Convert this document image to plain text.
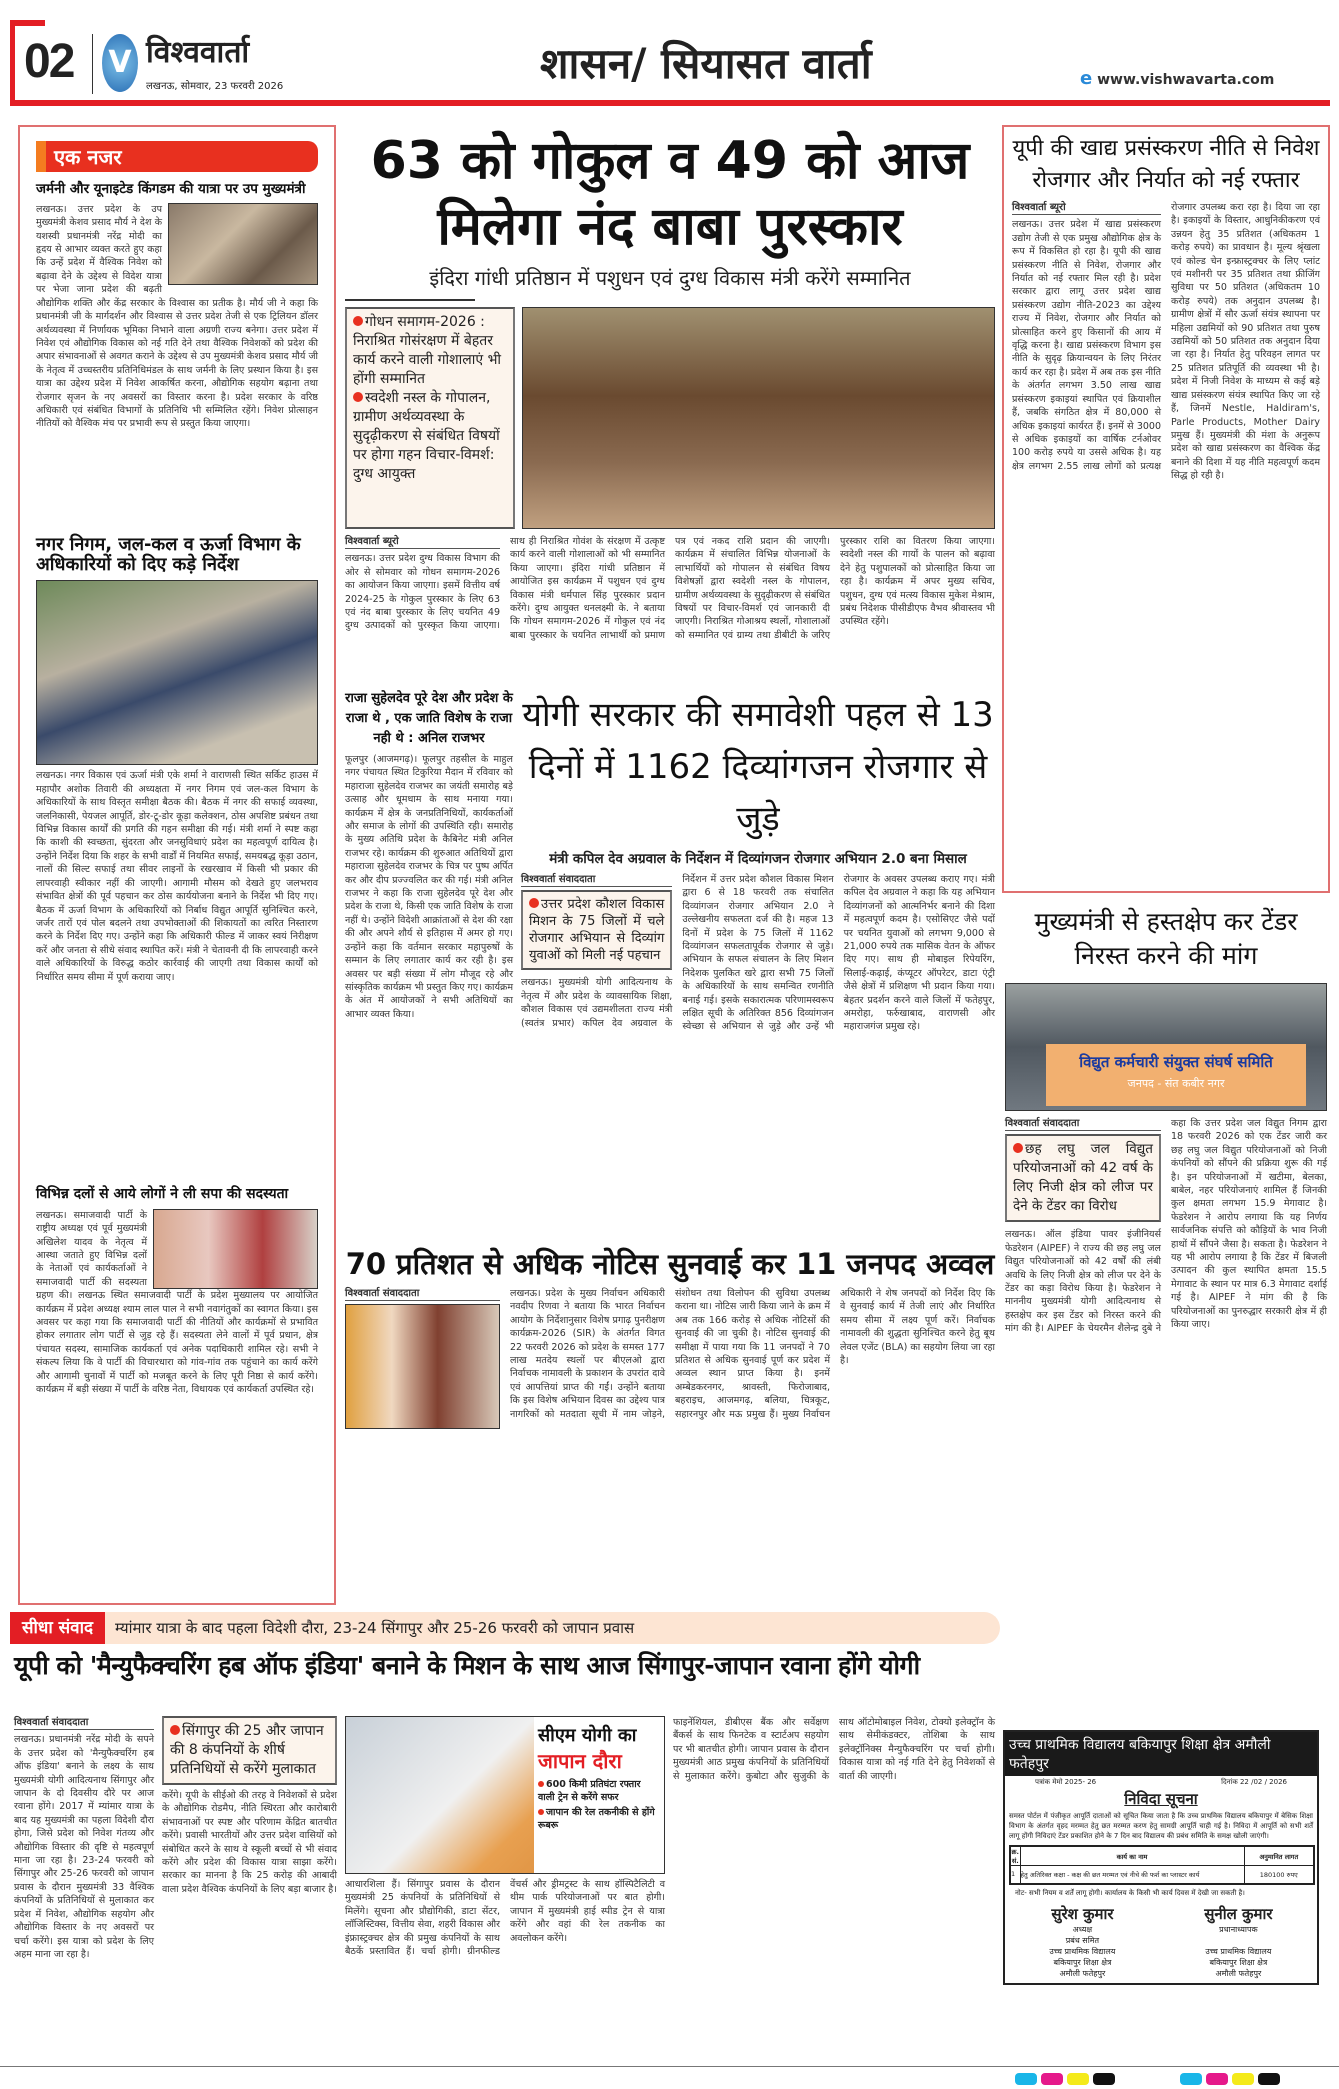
02 V विश्ववार्ता
लखनऊ, सोमवार, 23 फरवरी 2026	शासन/ सियासत वार्ता	e www.vishwavarta.com
एक नजर
जर्मनी और यूनाइटेड किंगडम की यात्रा पर उप मुख्यमंत्री
लखनऊ। उत्तर प्रदेश के उप मुख्यमंत्री केशव प्रसाद मौर्य ने देश के यशस्वी प्रधानमंत्री नरेंद्र मोदी का हृदय से आभार व्यक्त करते हुए कहा कि उन्हें प्रदेश में वैश्विक निवेश को बढ़ावा देने के उद्देश्य से विदेश यात्रा पर भेजा जाना प्रदेश की बढ़ती औद्योगिक शक्ति और केंद्र सरकार के विश्वास का प्रतीक है। मौर्य जी ने कहा कि प्रधानमंत्री जी के मार्गदर्शन और विश्वास से उत्तर प्रदेश तेजी से एक ट्रिलियन डॉलर अर्थव्यवस्था में निर्णायक भूमिका निभाने वाला अग्रणी राज्य बनेगा। उत्तर प्रदेश में निवेश एवं औद्योगिक विकास को नई गति देने तथा वैश्विक निवेशकों को प्रदेश की अपार संभावनाओं से अवगत कराने के उद्देश्य से उप मुख्यमंत्री केशव प्रसाद मौर्य जी के नेतृत्व में उच्चस्तरीय प्रतिनिधिमंडल के साथ जर्मनी के लिए प्रस्थान किया है। इस यात्रा का उद्देश्य प्रदेश में निवेश आकर्षित करना, औद्योगिक सहयोग बढ़ाना तथा रोजगार सृजन के नए अवसरों का विस्तार करना है। प्रदेश सरकार के वरिष्ठ अधिकारी एवं संबंधित विभागों के प्रतिनिधि भी सम्मिलित रहेंगे। निवेश प्रोत्साहन नीतियों को वैश्विक मंच पर प्रभावी रूप से प्रस्तुत किया जाएगा।
नगर निगम, जल-कल व ऊर्जा विभाग के अधिकारियों को दिए कड़े निर्देश
लखनऊ। नगर विकास एवं ऊर्जा मंत्री एके शर्मा ने वाराणसी स्थित सर्किट हाउस में महापौर अशोक तिवारी की अध्यक्षता में नगर निगम एवं जल-कल विभाग के अधिकारियों के साथ विस्तृत समीक्षा बैठक की। बैठक में नगर की सफाई व्यवस्था, जलनिकासी, पेयजल आपूर्ति, डोर-टू-डोर कूड़ा कलेक्शन, ठोस अपशिष्ट प्रबंधन तथा विभिन्न विकास कार्यों की प्रगति की गहन समीक्षा की गई। मंत्री शर्मा ने स्पष्ट कहा कि काशी की स्वच्छता, सुंदरता और जनसुविधाएं प्रदेश का महत्वपूर्ण दायित्व है। उन्होंने निर्देश दिया कि शहर के सभी वार्डों में नियमित सफाई, समयबद्ध कूड़ा उठान, नालों की सिल्ट सफाई तथा सीवर लाइनों के रखरखाव में किसी भी प्रकार की लापरवाही स्वीकार नहीं की जाएगी। आगामी मौसम को देखते हुए जलभराव संभावित क्षेत्रों की पूर्व पहचान कर ठोस कार्ययोजना बनाने के निर्देश भी दिए गए। बैठक में ऊर्जा विभाग के अधिकारियों को निर्बाध विद्युत आपूर्ति सुनिश्चित करने, जर्जर तारों एवं पोल बदलने तथा उपभोक्ताओं की शिकायतों का त्वरित निस्तारण करने के निर्देश दिए गए। उन्होंने कहा कि अधिकारी फील्ड में जाकर स्वयं निरीक्षण करें और जनता से सीधे संवाद स्थापित करें। मंत्री ने चेतावनी दी कि लापरवाही करने वाले अधिकारियों के विरुद्ध कठोर कार्रवाई की जाएगी तथा विकास कार्यों को निर्धारित समय सीमा में पूर्ण कराया जाए।
विभिन्न दलों से आये लोगों ने ली सपा की सदस्यता
लखनऊ। समाजवादी पार्टी के राष्ट्रीय अध्यक्ष एवं पूर्व मुख्यमंत्री अखिलेश यादव के नेतृत्व में आस्था जताते हुए विभिन्न दलों के नेताओं एवं कार्यकर्ताओं ने समाजवादी पार्टी की सदस्यता ग्रहण की। लखनऊ स्थित समाजवादी पार्टी के प्रदेश मुख्यालय पर आयोजित कार्यक्रम में प्रदेश अध्यक्ष श्याम लाल पाल ने सभी नवागंतुकों का स्वागत किया। इस अवसर पर कहा गया कि समाजवादी पार्टी की नीतियों और कार्यक्रमों से प्रभावित होकर लगातार लोग पार्टी से जुड़ रहे हैं। सदस्यता लेने वालों में पूर्व प्रधान, क्षेत्र पंचायत सदस्य, सामाजिक कार्यकर्ता एवं अनेक पदाधिकारी शामिल रहे। सभी ने संकल्प लिया कि वे पार्टी की विचारधारा को गांव-गांव तक पहुंचाने का कार्य करेंगे और आगामी चुनावों में पार्टी को मजबूत करने के लिए पूरी निष्ठा से कार्य करेंगे। कार्यक्रम में बड़ी संख्या में पार्टी के वरिष्ठ नेता, विधायक एवं कार्यकर्ता उपस्थित रहे।
63 को गोकुल व 49 को आज
मिलेगा नंद बाबा पुरस्कार
इंदिरा गांधी प्रतिष्ठान में पशुधन एवं दुग्ध विकास मंत्री करेंगे सम्मानित
गोधन समागम-2026 : निराश्रित गोसंरक्षण में बेहतर कार्य करने वाली गोशालाएं भी होंगी सम्मानित
स्वदेशी नस्ल के गोपालन, ग्रामीण अर्थव्यवस्था के सुदृढ़ीकरण से संबंधित विषयों पर होगा गहन विचार-विमर्श: दुग्ध आयुक्त
विश्ववार्ता ब्यूरो
लखनऊ। उत्तर प्रदेश दुग्ध विकास विभाग की ओर से सोमवार को गोधन समागम-2026 का आयोजन किया जाएगा। इसमें वित्तीय वर्ष 2024-25 के गोकुल पुरस्कार के लिए 63 एवं नंद बाबा पुरस्कार के लिए चयनित 49 दुग्ध उत्पादकों को पुरस्कृत किया जाएगा। साथ ही निराश्रित गोवंश के संरक्षण में उत्कृष्ट कार्य करने वाली गोशालाओं को भी सम्मानित किया जाएगा। इंदिरा गांधी प्रतिष्ठान में आयोजित इस कार्यक्रम में पशुधन एवं दुग्ध विकास मंत्री धर्मपाल सिंह पुरस्कार प्रदान करेंगे। दुग्ध आयुक्त धनलक्ष्मी के. ने बताया कि गोधन समागम-2026 में गोकुल एवं नंद बाबा पुरस्कार के चयनित लाभार्थी को प्रमाण पत्र एवं नकद राशि प्रदान की जाएगी। कार्यक्रम में संचालित विभिन्न योजनाओं के लाभार्थियों को गोपालन से संबंधित विषय विशेषज्ञों द्वारा स्वदेशी नस्ल के गोपालन, ग्रामीण अर्थव्यवस्था के सुदृढ़ीकरण से संबंधित विषयों पर विचार-विमर्श एवं जानकारी दी जाएगी। निराश्रित गोआश्रय स्थलों, गोशालाओं को सम्मानित एवं ग्राम्य तथा डीबीटी के जरिए पुरस्कार राशि का वितरण किया जाएगा। स्वदेशी नस्ल की गायों के पालन को बढ़ावा देने हेतु पशुपालकों को प्रोत्साहित किया जा रहा है। कार्यक्रम में अपर मुख्य सचिव, पशुधन, दुग्ध एवं मत्स्य विकास मुकेश मेश्राम, प्रबंध निदेशक पीसीडीएफ वैभव श्रीवास्तव भी उपस्थित रहेंगे।
राजा सुहेलदेव पूरे देश और प्रदेश के राजा थे , एक जाति विशेष के राजा नही थे : अनिल राजभर
फूलपुर (आजमगढ़)। फूलपुर तहसील के माहुल नगर पंचायत स्थित टिकुरिया मैदान में रविवार को महाराजा सुहेलदेव राजभर का जयंती समारोह बड़े उत्साह और धूमधाम के साथ मनाया गया। कार्यक्रम में क्षेत्र के जनप्रतिनिधियों, कार्यकर्ताओं और समाज के लोगों की उपस्थिति रही। समारोह के मुख्य अतिथि प्रदेश के कैबिनेट मंत्री अनिल राजभर रहे। कार्यक्रम की शुरुआत अतिथियों द्वारा महाराजा सुहेलदेव राजभर के चित्र पर पुष्प अर्पित कर और दीप प्रज्ज्वलित कर की गई। मंत्री अनिल राजभर ने कहा कि राजा सुहेलदेव पूरे देश और प्रदेश के राजा थे, किसी एक जाति विशेष के राजा नहीं थे। उन्होंने विदेशी आक्रांताओं से देश की रक्षा की और अपने शौर्य से इतिहास में अमर हो गए। उन्होंने कहा कि वर्तमान सरकार महापुरुषों के सम्मान के लिए लगातार कार्य कर रही है। इस अवसर पर बड़ी संख्या में लोग मौजूद रहे और सांस्कृतिक कार्यक्रम भी प्रस्तुत किए गए। कार्यक्रम के अंत में आयोजकों ने सभी अतिथियों का आभार व्यक्त किया।
योगी सरकार की समावेशी पहल से 13 दिनों में 1162 दिव्यांगजन रोजगार से जुड़े
मंत्री कपिल देव अग्रवाल के निर्देशन में दिव्यांगजन रोजगार अभियान 2.0 बना मिसाल
विश्ववार्ता संवाददाता
उत्तर प्रदेश कौशल विकास मिशन के 75 जिलों में चले रोजगार अभियान से दिव्यांग युवाओं को मिली नई पहचान
लखनऊ। मुख्यमंत्री योगी आदित्यनाथ के नेतृत्व में और प्रदेश के व्यावसायिक शिक्षा, कौशल विकास एवं उद्यमशीलता राज्य मंत्री (स्वतंत्र प्रभार) कपिल देव अग्रवाल के निर्देशन में उत्तर प्रदेश कौशल विकास मिशन द्वारा 6 से 18 फरवरी तक संचालित दिव्यांगजन रोजगार अभियान 2.0 ने उल्लेखनीय सफलता दर्ज की है। महज 13 दिनों में प्रदेश के 75 जिलों में 1162 दिव्यांगजन सफलतापूर्वक रोजगार से जुड़े। अभियान के सफल संचालन के लिए मिशन निदेशक पुलकित खरे द्वारा सभी 75 जिलों के अधिकारियों के साथ समन्वित रणनीति बनाई गई। इसके सकारात्मक परिणामस्वरूप लक्षित सूची के अतिरिक्त 856 दिव्यांगजन स्वेच्छा से अभियान से जुड़े और उन्हें भी रोजगार के अवसर उपलब्ध कराए गए। मंत्री कपिल देव अग्रवाल ने कहा कि यह अभियान दिव्यांगजनों को आत्मनिर्भर बनाने की दिशा में महत्वपूर्ण कदम है। एसोसिएट जैसे पदों पर चयनित युवाओं को लगभग 9,000 से 21,000 रुपये तक मासिक वेतन के ऑफर दिए गए। साथ ही मोबाइल रिपेयरिंग, सिलाई-कढ़ाई, कंप्यूटर ऑपरेटर, डाटा एंट्री जैसे क्षेत्रों में प्रशिक्षण भी प्रदान किया गया। बेहतर प्रदर्शन करने वाले जिलों में फतेहपुर, अमरोहा, फर्रुखाबाद, वाराणसी और महाराजगंज प्रमुख रहे।
70 प्रतिशत से अधिक नोटिस सुनवाई कर 11 जनपद अव्वल
विश्ववार्ता संवाददाता	लखनऊ। प्रदेश के मुख्य निर्वाचन अधिकारी नवदीप रिणवा ने बताया कि भारत निर्वाचन आयोग के निर्देशानुसार विशेष प्रगाढ़ पुनरीक्षण कार्यक्रम-2026 (SIR) के अंतर्गत विगत 22 फरवरी 2026 को प्रदेश के समस्त 177 लाख मतदेय स्थलों पर बीएलओ द्वारा निर्वाचक नामावली के प्रकाशन के उपरांत दावे एवं आपत्तियां प्राप्त की गईं। उन्होंने बताया कि इस विशेष अभियान दिवस का उद्देश्य पात्र नागरिकों को मतदाता सूची में नाम जोड़ने, संशोधन तथा विलोपन की सुविधा उपलब्ध कराना था। नोटिस जारी किया जाने के क्रम में अब तक 166 करोड़ से अधिक नोटिसों की सुनवाई की जा चुकी है। नोटिस सुनवाई की समीक्षा में पाया गया कि 11 जनपदों ने 70 प्रतिशत से अधिक सुनवाई पूर्ण कर प्रदेश में अव्वल स्थान प्राप्त किया है। इनमें अम्बेडकरनगर, श्रावस्ती, फिरोजाबाद, बहराइच, आजमगढ़, बलिया, चित्रकूट, सहारनपुर और मऊ प्रमुख हैं। मुख्य निर्वाचन अधिकारी ने शेष जनपदों को निर्देश दिए कि वे सुनवाई कार्य में तेजी लाएं और निर्धारित समय सीमा में लक्ष्य पूर्ण करें। निर्वाचक नामावली की शुद्धता सुनिश्चित करने हेतु बूथ लेवल एजेंट (BLA) का सहयोग लिया जा रहा है।
यूपी की खाद्य प्रसंस्करण नीति से निवेश रोजगार और निर्यात को नई रफ्तार
विश्ववार्ता ब्यूरो
लखनऊ। उत्तर प्रदेश में खाद्य प्रसंस्करण उद्योग तेजी से एक प्रमुख औद्योगिक क्षेत्र के रूप में विकसित हो रहा है। यूपी की खाद्य प्रसंस्करण नीति से निवेश, रोजगार और निर्यात को नई रफ्तार मिल रही है। प्रदेश सरकार द्वारा लागू उत्तर प्रदेश खाद्य प्रसंस्करण उद्योग नीति-2023 का उद्देश्य राज्य में निवेश, रोजगार और निर्यात को प्रोत्साहित करने हुए किसानों की आय में वृद्धि करना है। खाद्य प्रसंस्करण विभाग इस नीति के सुदृढ़ क्रियान्वयन के लिए निरंतर कार्य कर रहा है। प्रदेश में अब तक इस नीति के अंतर्गत लगभग 3.50 लाख खाद्य प्रसंस्करण इकाइयां स्थापित एवं क्रियाशील हैं, जबकि संगठित क्षेत्र में 80,000 से अधिक इकाइयां कार्यरत हैं। इनमें से 3000 से अधिक इकाइयों का वार्षिक टर्नओवर 100 करोड़ रुपये या उससे अधिक है। यह क्षेत्र लगभग 2.55 लाख लोगों को प्रत्यक्ष रोजगार उपलब्ध करा रहा है। दिया जा रहा है। इकाइयों के विस्तार, आधुनिकीकरण एवं उन्नयन हेतु 35 प्रतिशत (अधिकतम 1 करोड़ रुपये) का प्रावधान है। मूल्य श्रृंखला एवं कोल्ड चेन इन्फ्रास्ट्रक्चर के लिए प्लांट एवं मशीनरी पर 35 प्रतिशत तथा फ्रीजिंग सुविधा पर 50 प्रतिशत (अधिकतम 10 करोड़ रुपये) तक अनुदान उपलब्ध है। ग्रामीण क्षेत्रों में सौर ऊर्जा संयंत्र स्थापना पर महिला उद्यमियों को 90 प्रतिशत तथा पुरुष उद्यमियों को 50 प्रतिशत तक अनुदान दिया जा रहा है। निर्यात हेतु परिवहन लागत पर 25 प्रतिशत प्रतिपूर्ति की व्यवस्था भी है। प्रदेश में निजी निवेश के माध्यम से कई बड़े खाद्य प्रसंस्करण संयंत्र स्थापित किए जा रहे हैं, जिनमें Nestle, Haldiram's, Parle Products, Mother Dairy प्रमुख हैं। मुख्यमंत्री की मंशा के अनुरूप प्रदेश को खाद्य प्रसंस्करण का वैश्विक केंद्र बनाने की दिशा में यह नीति महत्वपूर्ण कदम सिद्ध हो रही है।
मुख्यमंत्री से हस्तक्षेप कर टेंडर निरस्त करने की मांग
विद्युत कर्मचारी संयुक्त संघर्ष समिति
जनपद - संत कबीर नगर
विश्ववार्ता संवाददाता
छह लघु जल विद्युत परियोजनाओं को 42 वर्ष के लिए निजी क्षेत्र को लीज पर देने के टेंडर का विरोध
लखनऊ। ऑल इंडिया पावर इंजीनियर्स फेडरेशन (AIPEF) ने राज्य की छह लघु जल विद्युत परियोजनाओं को 42 वर्षों की लंबी अवधि के लिए निजी क्षेत्र को लीज पर देने के टेंडर का कड़ा विरोध किया है। फेडरेशन ने माननीय मुख्यमंत्री योगी आदित्यनाथ से हस्तक्षेप कर इस टेंडर को निरस्त करने की मांग की है। AIPEF के चेयरमैन शैलेन्द्र दुबे ने कहा कि उत्तर प्रदेश जल विद्युत निगम द्वारा 18 फरवरी 2026 को एक टेंडर जारी कर छह लघु जल विद्युत परियोजनाओं को निजी कंपनियों को सौंपने की प्रक्रिया शुरू की गई है। इन परियोजनाओं में खटीमा, बेलका, बाबेल, नहर परियोजनाएं शामिल हैं जिनकी कुल क्षमता लगभग 15.9 मेगावाट है। फेडरेशन ने आरोप लगाया कि यह निर्णय सार्वजनिक संपत्ति को कौड़ियों के भाव निजी हाथों में सौंपने जैसा है। सकता है। फेडरेशन ने यह भी आरोप लगाया है कि टेंडर में बिजली उत्पादन की कुल स्थापित क्षमता 15.5 मेगावाट के स्थान पर मात्र 6.3 मेगावाट दर्शाई गई है। AIPEF ने मांग की है कि परियोजनाओं का पुनरुद्धार सरकारी क्षेत्र में ही किया जाए।
सीधा संवाद	म्यांमार यात्रा के बाद पहला विदेशी दौरा, 23-24 सिंगापुर और 25-26 फरवरी को जापान प्रवास
यूपी को 'मैन्युफैक्चरिंग हब ऑफ इंडिया' बनाने के मिशन के साथ आज सिंगापुर-जापान रवाना होंगे योगी
विश्ववार्ता संवाददाता
लखनऊ। प्रधानमंत्री नरेंद्र मोदी के सपने के उत्तर प्रदेश को 'मैन्युफैक्चरिंग हब ऑफ इंडिया' बनाने के लक्ष्य के साथ मुख्यमंत्री योगी आदित्यनाथ सिंगापुर और जापान के दो दिवसीय दौरे पर आज रवाना होंगे। 2017 में म्यांमार यात्रा के बाद यह मुख्यमंत्री का पहला विदेशी दौरा होगा, जिसे प्रदेश को निवेश गंतव्य और औद्योगिक विस्तार की दृष्टि से महत्वपूर्ण माना जा रहा है। 23-24 फरवरी को सिंगापुर और 25-26 फरवरी को जापान प्रवास के दौरान मुख्यमंत्री 33 वैश्विक कंपनियों के प्रतिनिधियों से मुलाकात कर प्रदेश में निवेश, औद्योगिक सहयोग और औद्योगिक विस्तार के नए अवसरों पर चर्चा करेंगे। इस यात्रा को प्रदेश के लिए अहम माना जा रहा है।
सिंगापुर की 25 और जापान की 8 कंपनियों के शीर्ष प्रतिनिधियों से करेंगे मुलाकात
करेंगे। यूपी के सीईओ की तरह वे निवेशकों से प्रदेश के औद्योगिक रोडमैप, नीति स्थिरता और कारोबारी संभावनाओं पर स्पष्ट और परिणाम केंद्रित बातचीत करेंगे। प्रवासी भारतीयों और उत्तर प्रदेश वासियों को संबोधित करने के साथ वे स्कूली बच्चों से भी संवाद करेंगे और प्रदेश की विकास यात्रा साझा करेंगे। सरकार का मानना है कि 25 करोड़ की आबादी वाला प्रदेश वैश्विक कंपनियों के लिए बड़ा बाजार है।
सीएम योगी का
जापान दौरा
600 किमी प्रतिघंटा रफ्तार वाली ट्रेन से करेंगे सफर
जापान की रेल तकनीकी से होंगे रूबरू
आधारशिला हैं। सिंगापुर प्रवास के दौरान मुख्यमंत्री 25 कंपनियों के प्रतिनिधियों से मिलेंगे। सूचना और प्रौद्योगिकी, डाटा सेंटर, लॉजिस्टिक्स, वित्तीय सेवा, शहरी विकास और इंफ्रास्ट्रक्चर क्षेत्र की प्रमुख कंपनियों के साथ बैठकें प्रस्तावित हैं। चर्चा होगी। ग्रीनफील्ड वेंचर्स और ड्रीमट्रस्ट के साथ हॉस्पिटैलिटी व थीम पार्क परियोजनाओं पर बात होगी। जापान में मुख्यमंत्री हाई स्पीड ट्रेन से यात्रा करेंगे और वहां की रेल तकनीक का अवलोकन करेंगे।
फाइनेंशियल, डीबीएस बैंक और सर्वेक्षण बैंकर्स के साथ फिनटेक व स्टार्टअप सहयोग पर भी बातचीत होगी। जापान प्रवास के दौरान मुख्यमंत्री आठ प्रमुख कंपनियों के प्रतिनिधियों से मुलाकात करेंगे। कुबोटा और सुजुकी के साथ ऑटोमोबाइल निवेश, टोक्यो इलेक्ट्रॉन के साथ सेमीकंडक्टर, तोशिबा के साथ इलेक्ट्रॉनिक्स मैन्युफैक्चरिंग पर चर्चा होगी। विकास यात्रा को नई गति देने हेतु निवेशकों से वार्ता की जाएगी।
उच्च प्राथमिक विद्यालय बकियापुर शिक्षा क्षेत्र अमौली फतेहपुर
पत्रांक मेमो 2025- 26	दिनांक 22 /02 / 2026
निविदा सूचना
समस्त पोर्टल में पंजीकृत आपूर्ति दाताओं को सूचित किया जाता है कि उच्च प्राथमिक विद्यालय बकियापुर में बेसिक शिक्षा विभाग के अंतर्गत वृहद मरम्मत हेतु छत मरम्मत करण हेतु सामग्री आपूर्ति चाही गई है। निविदा में आपूर्ति को सभी शर्तें लागू होंगी निविदाएं टेंडर प्रकाशित होने के 7 दिन बाद विद्यालय की प्रबंध समिति के समक्ष खोली जाएंगी।
क्र. सं.	कार्य का नाम	अनुमानित लागत
1	हेतु अतिरिक्त कक्षा - कक्ष की छत मरम्मत एवं नीचे की फर्श का प्लास्टर कार्य	180100 रुपए
नोट- सभी नियम व शर्तें लागू होगी। कार्यालय के किसी भी कार्य दिवस में देखी जा सकती है।
सुरेश कुमार
अध्यक्ष
प्रबंध समित
उच्च प्राथमिक विद्यालय
बकियापुर शिक्षा क्षेत्र
अमौली फतेहपुर
सुनील कुमार
प्रधानाध्यापक
उच्च प्राथमिक विद्यालय
बकियापुर शिक्षा क्षेत्र
अमौली फतेहपुर
